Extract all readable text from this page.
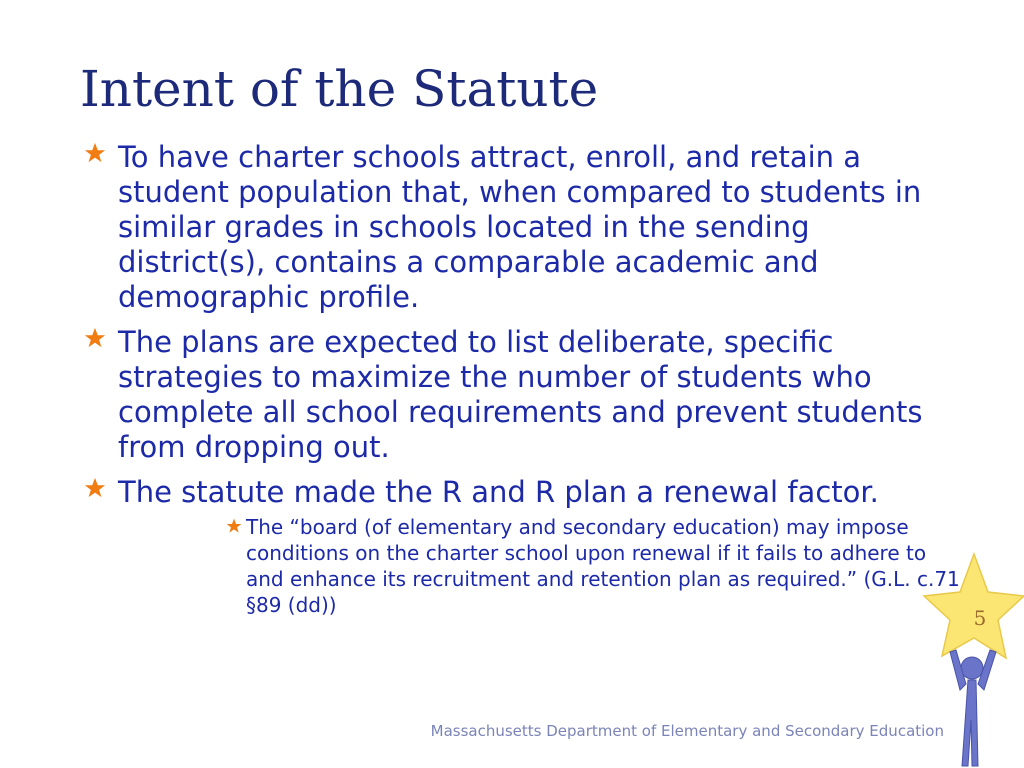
Intent of the Statute
To have charter schools attract, enroll, and retain a student population that, when compared to students in similar grades in schools located in the sending district(s), contains a comparable academic and demographic profile.
The plans are expected to list deliberate, specific strategies to maximize the number of students who complete all school requirements and prevent students from dropping out.
The statute made the R and R plan a renewal factor.
The “board (of elementary and secondary education) may impose conditions on the charter school upon renewal if it fails to adhere to and enhance its recruitment and retention plan as required.” (G.L. c.71 §89 (dd))
5
Massachusetts Department of Elementary and Secondary Education
